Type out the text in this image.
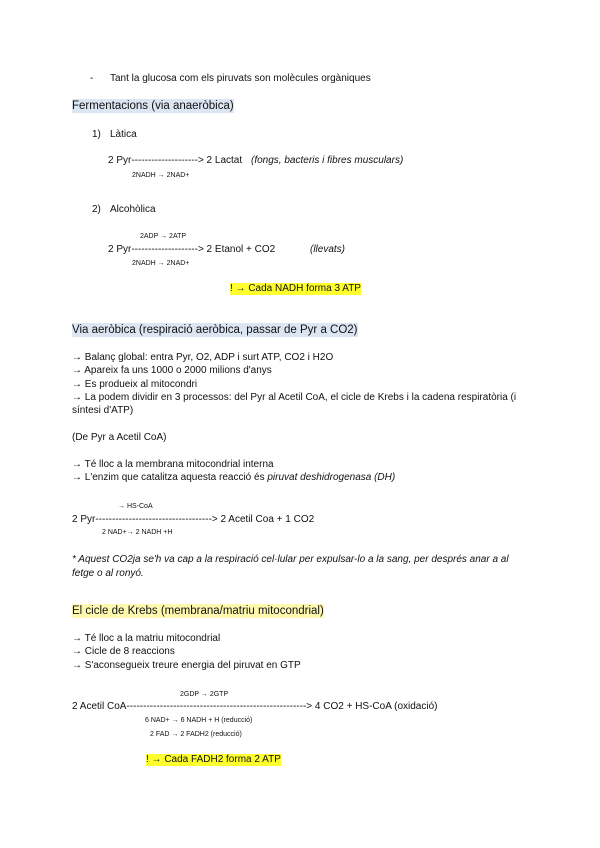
- Tant la glucosa com els piruvats son molècules orgàniques
Fermentacions (via anaeròbica)
1) Làtica
2 Pyr--------------------> 2 Lactat (fongs, bacteris i fibres musculars)
2NADH → 2NAD+
2) Alcohòlica
2ADP → 2ATP
2 Pyr--------------------> 2 Etanol + CO2	(llevats)
2NADH → 2NAD+
! → Cada NADH forma 3 ATP
Via aeròbica (respiració aeròbica, passar de Pyr a CO2)
→ Balanç global: entra Pyr, O2, ADP i surt ATP, CO2 i H2O
→ Apareix fa uns 1000 o 2000 milions d'anys
→ Es produeix al mitocondri
→ La podem dividir en 3 processos: del Pyr al Acetil CoA, el cicle de Krebs i la cadena respiratòria (i
síntesi d'ATP)
(De Pyr a Acetil CoA)
→ Té lloc a la membrana mitocondrial interna
→ L'enzim que catalitza aquesta reacció és piruvat deshidrogenasa (DH)
→ HS-CoA
2 Pyr-----------------------------------> 2 Acetil Coa + 1 CO2
2 NAD+→ 2 NADH +H
* Aquest CO2ja se'h va cap a la respiració cel·lular per expulsar-lo a la sang, per després anar a al
fetge o al ronyó.
El cicle de Krebs (membrana/matriu mitocondrial)
→ Té lloc a la matriu mitocondrial
→ Cicle de 8 reaccions
→ S'aconsegueix treure energia del piruvat en GTP
2GDP → 2GTP
2 Acetil CoA------------------------------------------------------> 4 CO2 + HS-CoA (oxidació)
6 NAD+ → 6 NADH + H (reducció)
2 FAD → 2 FADH2 (reducció)
! → Cada FADH2 forma 2 ATP
